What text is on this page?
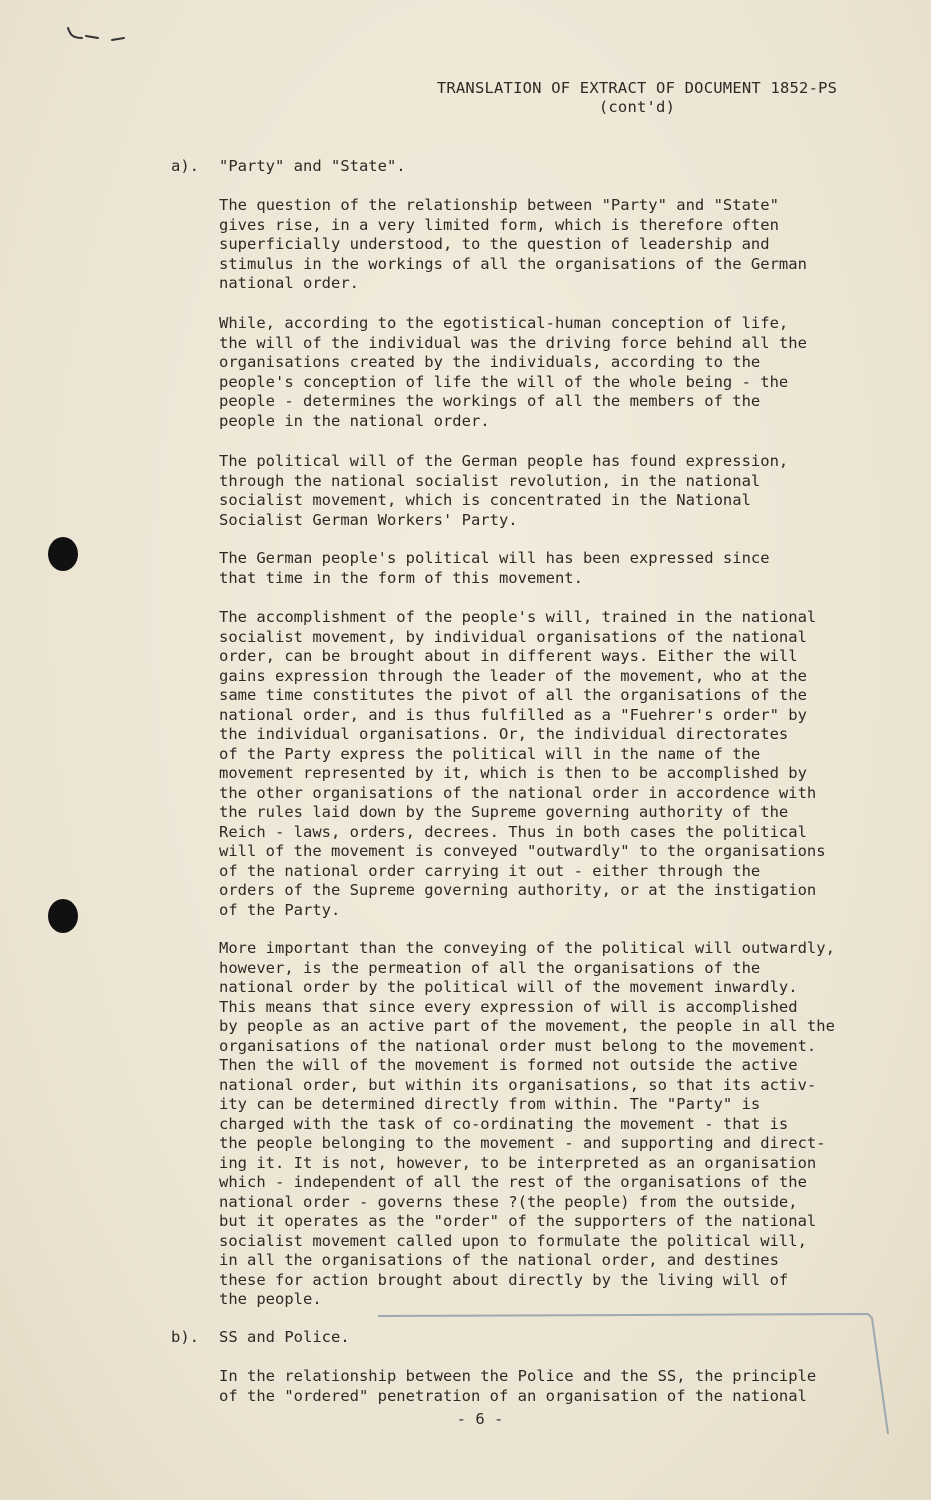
TRANSLATION OF EXTRACT OF DOCUMENT 1852-PS
(cont'd)
a). "Party" and "State".
The question of the relationship between "Party" and "State"
gives rise, in a very limited form, which is therefore often
superficially understood, to the question of leadership and
stimulus in the workings of all the organisations of the German
national order.
While, according to the egotistical-human conception of life,
the will of the individual was the driving force behind all the
organisations created by the individuals, according to the
people's conception of life the will of the whole being - the
people - determines the workings of all the members of the
people in the national order.
The political will of the German people has found expression,
through the national socialist revolution, in the national
socialist movement, which is concentrated in the National
Socialist German Workers' Party.
The German people's political will has been expressed since
that time in the form of this movement.
The accomplishment of the people's will, trained in the national
socialist movement, by individual organisations of the national
order, can be brought about in different ways. Either the will
gains expression through the leader of the movement, who at the
same time constitutes the pivot of all the organisations of the
national order, and is thus fulfilled as a "Fuehrer's order" by
the individual organisations. Or, the individual directorates
of the Party express the political will in the name of the
movement represented by it, which is then to be accomplished by
the other organisations of the national order in accordence with
the rules laid down by the Supreme governing authority of the
Reich - laws, orders, decrees. Thus in both cases the political
will of the movement is conveyed "outwardly" to the organisations
of the national order carrying it out - either through the
orders of the Supreme governing authority, or at the instigation
of the Party.
More important than the conveying of the political will outwardly,
however, is the permeation of all the organisations of the
national order by the political will of the movement inwardly.
This means that since every expression of will is accomplished
by people as an active part of the movement, the people in all the
organisations of the national order must belong to the movement.
Then the will of the movement is formed not outside the active
national order, but within its organisations, so that its activ-
ity can be determined directly from within. The "Party" is
charged with the task of co-ordinating the movement - that is
the people belonging to the movement - and supporting and direct-
ing it. It is not, however, to be interpreted as an organisation
which - independent of all the rest of the organisations of the
national order - governs these ?(the people) from the outside,
but it operates as the "order" of the supporters of the national
socialist movement called upon to formulate the political will,
in all the organisations of the national order, and destines
these for action brought about directly by the living will of
the people.
b). SS and Police.
In the relationship between the Police and the SS, the principle
of the "ordered" penetration of an organisation of the national
- 6 -
